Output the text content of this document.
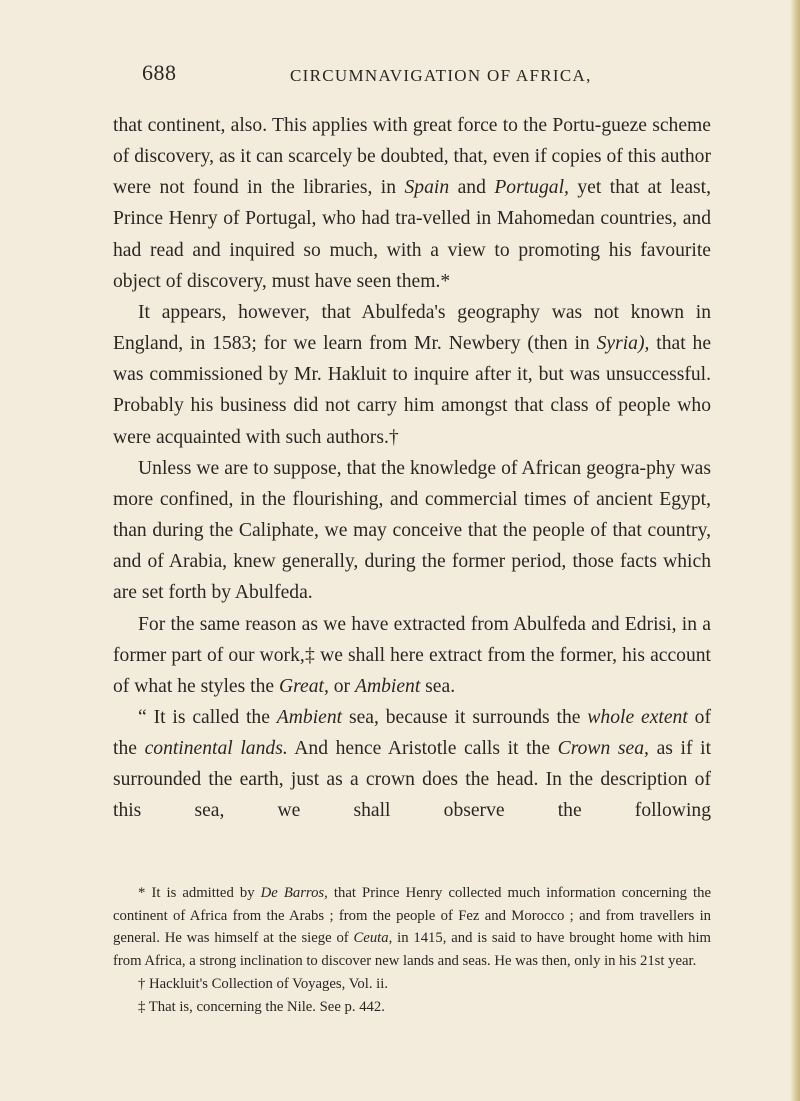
688	CIRCUMNAVIGATION OF AFRICA,

that continent, also. This applies with great force to the Portu-gueze scheme of discovery, as it can scarcely be doubted, that, even if copies of this author were not found in the libraries, in Spain and Portugal, yet that at least, Prince Henry of Portugal, who had tra-velled in Mahomedan countries, and had read and inquired so much, with a view to promoting his favourite object of discovery, must have seen them.*

It appears, however, that Abulfeda's geography was not known in England, in 1583; for we learn from Mr. Newbery (then in Syria), that he was commissioned by Mr. Hakluit to inquire after it, but was unsuccessful. Probably his business did not carry him amongst that class of people who were acquainted with such authors.†

Unless we are to suppose, that the knowledge of African geogra-phy was more confined, in the flourishing, and commercial times of ancient Egypt, than during the Caliphate, we may conceive that the people of that country, and of Arabia, knew generally, during the former period, those facts which are set forth by Abulfeda.

For the same reason as we have extracted from Abulfeda and Edrisi, in a former part of our work,‡ we shall here extract from the former, his account of what he styles the Great, or Ambient sea.

“ It is called the Ambient sea, because it surrounds the whole extent of the continental lands. And hence Aristotle calls it the Crown sea, as if it surrounded the earth, just as a crown does the head. In the description of this sea, we shall observe the following

* It is admitted by De Barros, that Prince Henry collected much information concerning the continent of Africa from the Arabs ; from the people of Fez and Morocco ; and from travellers in general. He was himself at the siege of Ceuta, in 1415, and is said to have brought home with him from Africa, a strong inclination to discover new lands and seas. He was then, only in his 21st year.

† Hackluit's Collection of Voyages, Vol. ii.

‡ That is, concerning the Nile. See p. 442.
